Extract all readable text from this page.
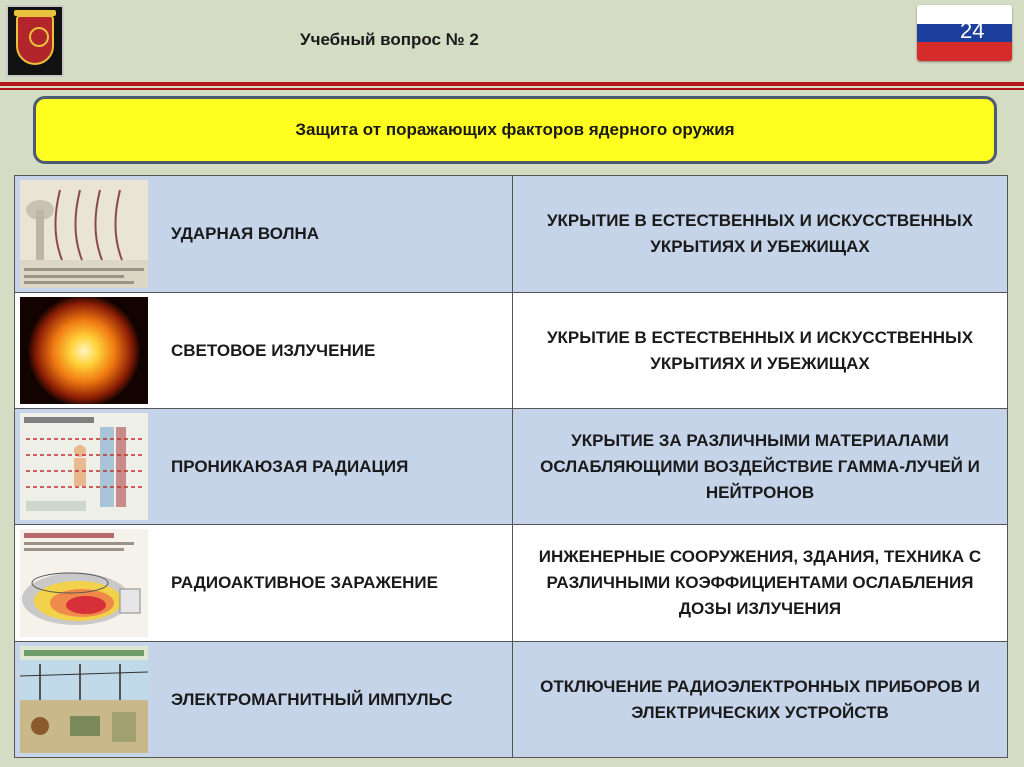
Учебный вопрос № 2	24
Защита от поражающих факторов ядерного оружия
УДАРНАЯ ВОЛНА
УКРЫТИЕ В ЕСТЕСТВЕННЫХ И ИСКУССТВЕННЫХ УКРЫТИЯХ И УБЕЖИЩАХ
СВЕТОВОЕ ИЗЛУЧЕНИЕ
УКРЫТИЕ В ЕСТЕСТВЕННЫХ И ИСКУССТВЕННЫХ УКРЫТИЯХ И УБЕЖИЩАХ
ПРОНИКАЮЗАЯ РАДИАЦИЯ
УКРЫТИЕ ЗА РАЗЛИЧНЫМИ МАТЕРИАЛАМИ ОСЛАБЛЯЮЩИМИ ВОЗДЕЙСТВИЕ ГАММА-ЛУЧЕЙ И НЕЙТРОНОВ
РАДИОАКТИВНОЕ ЗАРАЖЕНИЕ
ИНЖЕНЕРНЫЕ СООРУЖЕНИЯ, ЗДАНИЯ, ТЕХНИКА С РАЗЛИЧНЫМИ КОЭФФИЦИЕНТАМИ ОСЛАБЛЕНИЯ ДОЗЫ ИЗЛУЧЕНИЯ
ЭЛЕКТРОМАГНИТНЫЙ ИМПУЛЬС
ОТКЛЮЧЕНИЕ РАДИОЭЛЕКТРОННЫХ ПРИБОРОВ И ЭЛЕКТРИЧЕСКИХ УСТРОЙСТВ
